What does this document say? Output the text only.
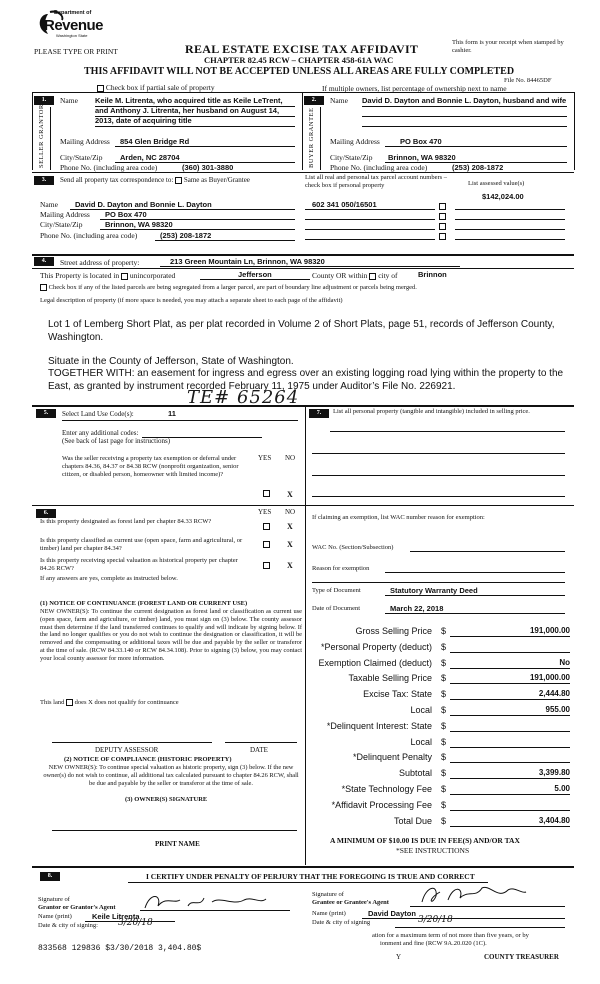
Department of
Revenue
Washington State
PLEASE TYPE OR PRINT	REAL ESTATE EXCISE TAX AFFIDAVIT
CHAPTER 82.45 RCW – CHAPTER 458-61A WAC
This form is your receipt when stamped by cashier.
THIS AFFIDAVIT WILL NOT BE ACCEPTED UNLESS ALL AREAS ARE FULLY COMPLETED
File No. 84465DF
Check box if partial sale of property	If multiple owners, list percentage of ownership next to name
1.
SELLER GRANTOR
Name Keile M. Litrenta, who acquired title as Keile LeTrent, and Anthony J. Litrenta, her husband on August 14, 2013, date of acquiring title
Mailing Address 854 Glen Bridge Rd
City/State/Zip Arden, NC 28704
Phone No. (including area code)	(360) 301-3880
2.
BUYER GRANTEE
Name David D. Dayton and Bonnie L. Dayton, husband and wife
Mailing Address	PO Box 470
City/State/Zip Brinnon, WA 98320
Phone No. (including area code)	(253) 208-1872
3.	Send all property tax correspondence to: Same as Buyer/Grantee	List all real and personal tax parcel account numbers – check box if personal property	List assessed value(s)
Name David D. Dayton and Bonnie L. Dayton
Mailing Address PO Box 470
City/State/Zip	Brinnon, WA 98320
Phone No. (including area code)	(253) 208-1872
602 341 050/16501
$142,024.00
4.	Street address of property:	213 Green Mountain Ln, Brinnon, WA 98320
This Property is located in unincorporated	Jefferson	County OR within city of	Brinnon
Check box if any of the listed parcels are being segregated from a larger parcel, are part of boundary line adjustment or parcels being merged.
Legal description of property (if more space is needed, you may attach a separate sheet to each page of the affidavit)
Lot 1 of Lemberg Short Plat, as per plat recorded in Volume 2 of Short Plats, page 51, records of Jefferson County, Washington.
Situate in the County of Jefferson, State of Washington.
TOGETHER WITH: an easement for ingress and egress over an existing logging road lying within the property to the East, as granted by instrument recorded February 11, 1975 under Auditor’s File No. 226921.
TE# 65264
5.	Select Land Use Code(s):	11
Enter any additional codes:
(See back of last page for instructions)
YES NO
Was the seller receiving a property tax exemption or deferral under chapters 84.36, 84.37 or 84.38 RCW (nonprofit organization, senior citizen, or disabled person, homeowner with limited income)?
X
7.	List all personal property (tangible and intangible) included in selling price.
6.	YES NO
Is this property designated as forest land per chapter 84.33 RCW?
X
Is this property classified as current use (open space, farm and agricultural, or timber) land per chapter 84.34?	X
Is this property receiving special valuation as historical property per chapter 84.26 RCW?	X
If any answers are yes, complete as instructed below.
(1) NOTICE OF CONTINUANCE (FOREST LAND OR CURRENT USE)
NEW OWNER(S): To continue the current designation as forest land or classification as current use (open space, farm and agriculture, or timber) land, you must sign on (3) below. The county assessor must then determine if the land transferred continues to qualify and will indicate by signing below. If the land no longer qualifies or you do not wish to continue the designation or classification, it will be removed and the compensating or additional taxes will be due and payable by the seller or transferor at the time of sale. (RCW 84.33.140 or RCW 84.34.108). Prior to signing (3) below, you may contact your local county assessor for more information.
This land does X does not qualify for continuance
DEPUTY ASSESSOR	DATE
(2) NOTICE OF COMPLIANCE (HISTORIC PROPERTY)
NEW OWNER(S): To continue special valuation as historic property, sign (3) below. If the new owner(s) do not wish to continue, all additional tax calculated pursuant to chapter 84.26 RCW, shall be due and payable by the seller or transferor at the time of sale.
(3) OWNER(S) SIGNATURE
PRINT NAME
If claiming an exemption, list WAC number reason for exemption:
WAC No. (Section/Subsection)
Reason for exemption
Type of Document	Statutory Warranty Deed
Date of Document	March 22, 2018
Gross Selling Price $	191,000.00
*Personal Property (deduct) $
Exemption Claimed (deduct) $	No
Taxable Selling Price $	191,000.00
Excise Tax: State $	2,444.80
Local $	955.00
*Delinquent Interest: State $
Local $
*Delinquent Penalty $
Subtotal $	3,399.80
*State Technology Fee $	5.00
*Affidavit Processing Fee $
Total Due $	3,404.80
A MINIMUM OF $10.00 IS DUE IN FEE(S) AND/OR TAX
*SEE INSTRUCTIONS
8.	I CERTIFY UNDER PENALTY OF PERJURY THAT THE FOREGOING IS TRUE AND CORRECT
Signature of
Grantor or Grantor's Agent
Name (print)	Keile Litrenta
Date & city of signing: 3/20/18
Signature of
Grantee or Grantee's Agent
Name (print)	David Dayton
Date & city of signing	3/20/18
ation for a maximum term of not more than five years, or by
ionment and fine (RCW 9A.20.020 (1C).
833568 129836 $3/30/2018 3,404.80$
Y	COUNTY TREASURER
